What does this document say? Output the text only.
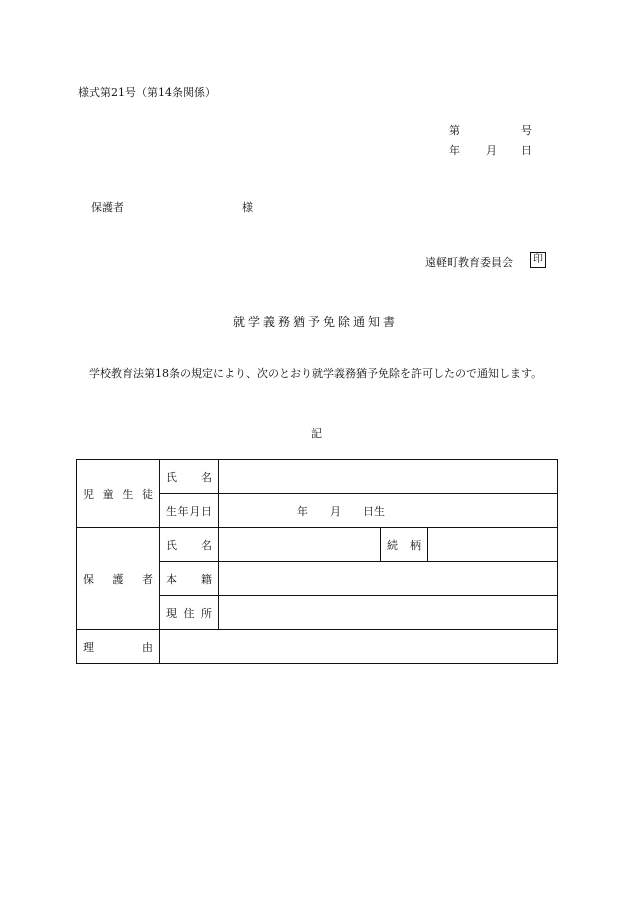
様式第21号（第14条関係）
第	号
年 月 日
保護者	様
遠軽町教育委員会	印
就学義務猶予免除通知書
学校教育法第18条の規定により、次のとおり就学義務猶予免除を許可したので通知します。
記
児童生徒	氏　名			
	生年月日	年　　月　　日生		
保護者	氏　名		続　柄	
	本　籍			
	現住所			
理由				
